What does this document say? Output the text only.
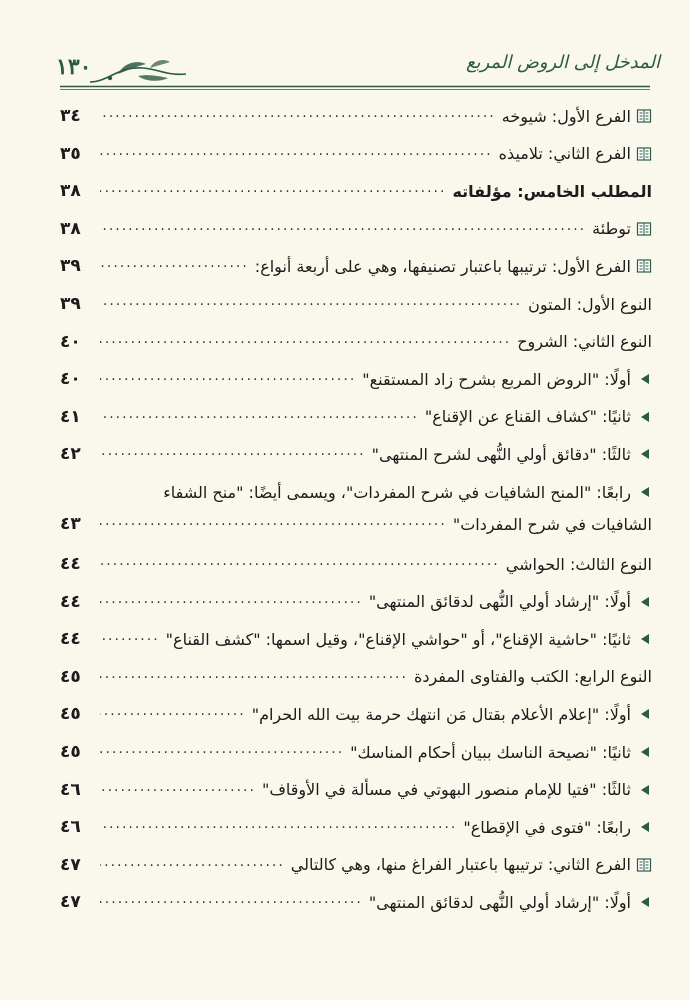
المدخل إلى الروض المربع
١٣٠
الفرع الأول: شيوخه
.....
٣٤
الفرع الثاني: تلاميذه
.....
٣٥
المطلب الخامس: مؤلفاته
.....
٣٨
توطئة
.....
٣٨
الفرع الأول: ترتيبها باعتبار تصنيفها، وهي على أربعة أنواع:
.....
٣٩
النوع الأول: المتون
.....
٣٩
النوع الثاني: الشروح
.....
٤٠
أولًا: "الروض المربع بشرح زاد المستقنع"
.....
٤٠
ثانيًا: "كشاف القناع عن الإقناع"
.....
٤١
ثالثًا: "دقائق أولي النُّهى لشرح المنتهى"
.....
٤٢
رابعًا: "المنح الشافيات في شرح المفردات"، ويسمى أيضًا: "منح الشفاء
الشافيات في شرح المفردات"
.....
٤٣
النوع الثالث: الحواشي
.....
٤٤
أولًا: "إرشاد أولي النُّهى لدقائق المنتهى"
.....
٤٤
ثانيًا: "حاشية الإقناع"، أو "حواشي الإقناع"، وقيل اسمها: "كشف القناع"
.....
٤٤
النوع الرابع: الكتب والفتاوى المفردة
.....
٤٥
أولًا: "إعلام الأعلام بقتال مَن انتهك حرمة بيت الله الحرام"
.....
٤٥
ثانيًا: "نصيحة الناسك ببيان أحكام المناسك"
.....
٤٥
ثالثًا: "فتيا للإمام منصور البهوتي في مسألة في الأوقاف"
.....
٤٦
رابعًا: "فتوى في الإقطاع"
.....
٤٦
الفرع الثاني: ترتيبها باعتبار الفراغ منها، وهي كالتالي
.....
٤٧
أولًا: "إرشاد أولي النُّهى لدقائق المنتهى"
.....
٤٧
